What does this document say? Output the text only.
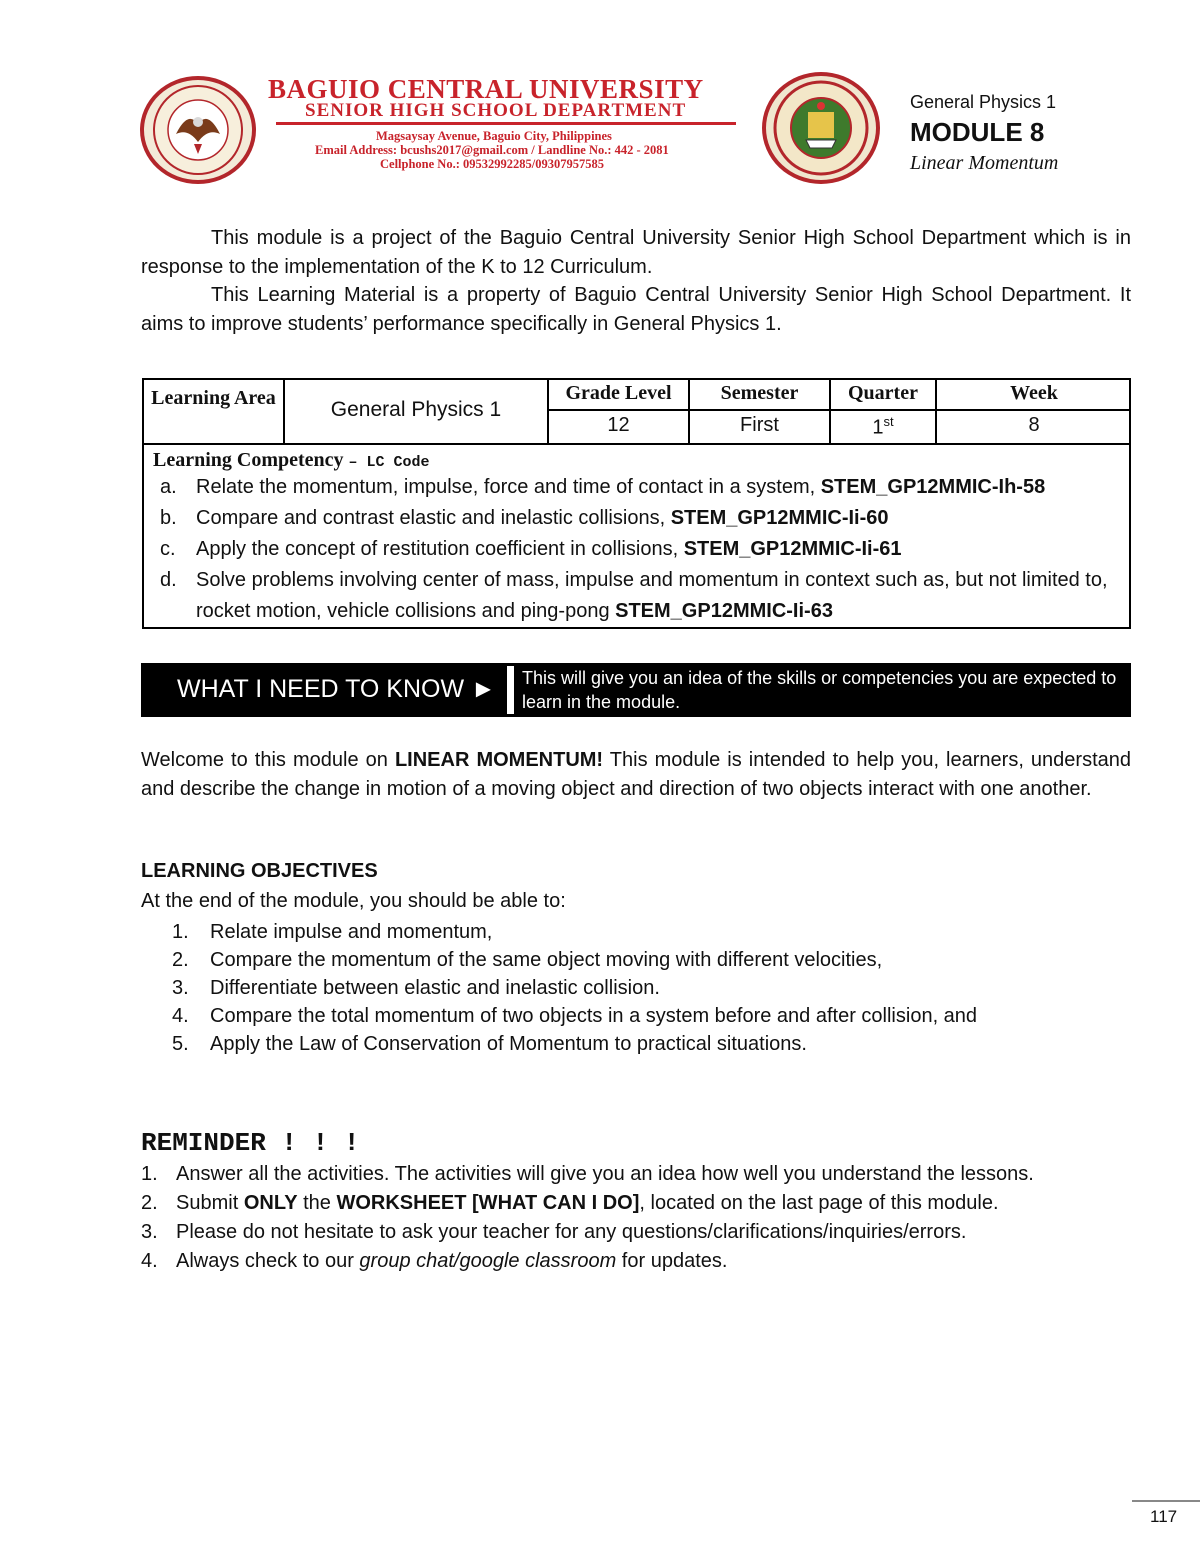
BAGUIO CENTRAL UNIVERSITY
SENIOR HIGH SCHOOL DEPARTMENT
Magsaysay Avenue, Baguio City, Philippines
Email Address: bcushs2017@gmail.com / Landline No.: 442 - 2081
Cellphone No.: 09532992285/09307957585
General Physics 1
MODULE 8
Linear Momentum
This module is a project of the Baguio Central University Senior High School Department which is in response to the implementation of the K to 12 Curriculum.
This Learning Material is a property of Baguio Central University Senior High School Department. It aims to improve students’ performance specifically in General Physics 1.
Learning Area	General Physics 1
Grade Level	Semester	Quarter	Week
12	First	1st	8
Learning Competency – LC Code
a. Relate the momentum, impulse, force and time of contact in a system, STEM_GP12MMIC-Ih-58
b. Compare and contrast elastic and inelastic collisions, STEM_GP12MMIC-Ii-60
c. Apply the concept of restitution coefficient in collisions, STEM_GP12MMIC-Ii-61
d. Solve problems involving center of mass, impulse and momentum in context such as, but not limited to, rocket motion, vehicle collisions and ping-pong STEM_GP12MMIC-Ii-63
WHAT I NEED TO KNOW ► This will give you an idea of the skills or competencies you are expected to learn in the module.
Welcome to this module on LINEAR MOMENTUM! This module is intended to help you, learners, understand and describe the change in motion of a moving object and direction of two objects interact with one another.
LEARNING OBJECTIVES
At the end of the module, you should be able to:
1. Relate impulse and momentum,
2. Compare the momentum of the same object moving with different velocities,
3. Differentiate between elastic and inelastic collision.
4. Compare the total momentum of two objects in a system before and after collision, and
5. Apply the Law of Conservation of Momentum to practical situations.
REMINDER ! ! !
1. Answer all the activities. The activities will give you an idea how well you understand the lessons.
2. Submit ONLY the WORKSHEET [WHAT CAN I DO], located on the last page of this module.
3. Please do not hesitate to ask your teacher for any questions/clarifications/inquiries/errors.
4. Always check to our group chat/google classroom for updates.
117
